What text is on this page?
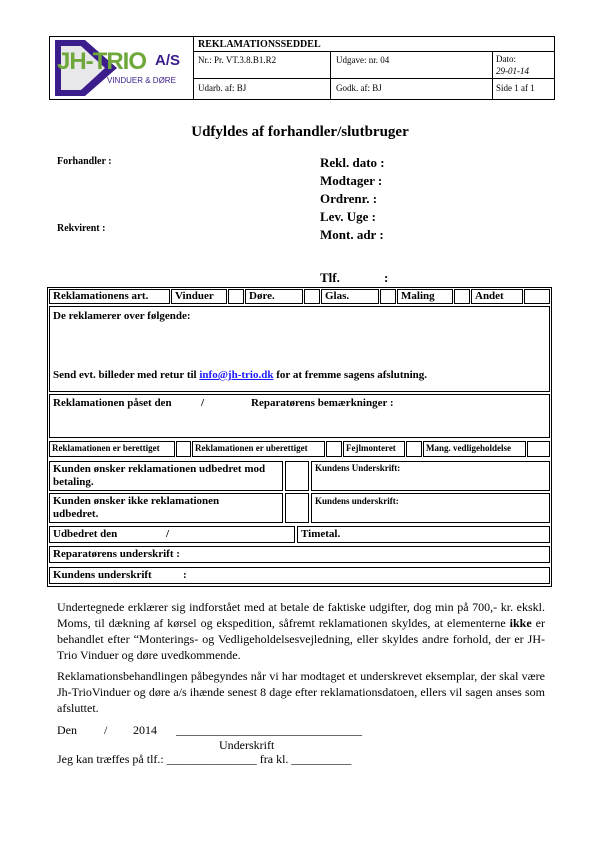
JH-TRIO A/S
VINDUER & DØRE
REKLAMATIONSSEDDEL
Nr.: Pr. VT.3.8.B1.R2	Udgave: nr. 04	Dato:
29-01-14
Udarb. af: BJ	Godk. af: BJ	Side 1 af 1
Udfyldes af forhandler/slutbruger
Forhandler :
Rekvirent :
Rekl. dato :
Modtager :
Ordrenr. :
Lev. Uge :
Mont. adr :
Tlf.	:
Reklamationens art. Vinduer	Døre.	Glas.	Maling	Andet
De reklamerer over følgende:
Send evt. billeder med retur til info@jh-trio.dk for at fremme sagens afslutning.
Reklamationen påset den	/	Reparatørens bemærkninger :
Reklamationen er berettiget	Reklamationen er uberettiget	Fejlmonteret	Mang. vedligeholdelse
Kunden ønsker reklamationen udbedret mod betaling.
Kundens Underskrift:
Kunden ønsker ikke reklamationen udbedret.
Kundens underskrift:
Udbedret den	/	Timetal.
Reparatørens underskrift :
Kundens underskrift	:
Undertegnede erklærer sig indforstået med at betale de faktiske udgifter, dog min på 700,- kr. ekskl. Moms, til dækning af kørsel og ekspedition, såfremt reklamationen skyldes, at elementerne ikke er behandlet efter “Monterings- og Vedligeholdelsesvejledning, eller skyldes andre forhold, der er JH-Trio Vinduer og døre uvedkommende.
Reklamationsbehandlingen påbegyndes når vi har modtaget et underskrevet eksemplar, der skal være Jh-TrioVinduer og døre a/s ihænde senest 8 dage efter reklamationsdatoen, ellers vil sagen anses som afsluttet.
Den / 2014 _______________________________
Underskrift
Jeg kan træffes på tlf.: _______________ fra kl. __________
